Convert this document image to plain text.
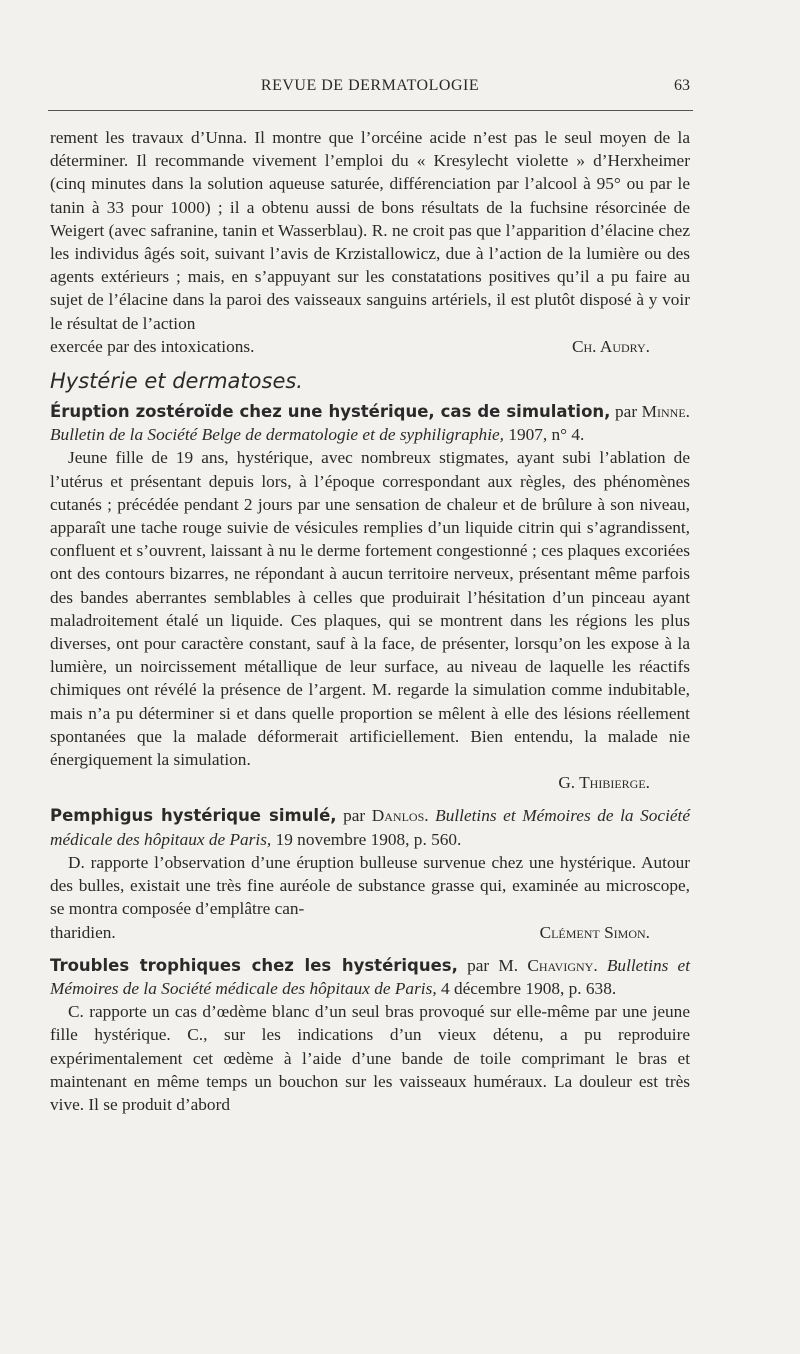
REVUE DE DERMATOLOGIE	63

rement les travaux d’Unna. Il montre que l’orcéine acide n’est pas le seul moyen de la déterminer. Il recommande vivement l’emploi du « Kresylecht violette » d’Herxheimer (cinq minutes dans la solution aqueuse saturée, différenciation par l’alcool à 95° ou par le tanin à 33 pour 1000) ; il a obtenu aussi de bons résultats de la fuchsine résorcinée de Weigert (avec safranine, tanin et Wasserblau). R. ne croit pas que l’apparition d’élacine chez les individus âgés soit, suivant l’avis de Krzistallowicz, due à l’action de la lumière ou des agents extérieurs ; mais, en s’appuyant sur les constatations positives qu’il a pu faire au sujet de l’élacine dans la paroi des vaisseaux sanguins artériels, il est plutôt disposé à y voir le résultat de l’action

exercée par des intoxications.	Ch. Audry.
Hystérie et dermatoses.

Éruption zostéroïde chez une hystérique, cas de simulation, par Minne. Bulletin de la Société Belge de dermatologie et de syphiligraphie, 1907, n° 4.

Jeune fille de 19 ans, hystérique, avec nombreux stigmates, ayant subi l’ablation de l’utérus et présentant depuis lors, à l’époque correspondant aux règles, des phénomènes cutanés ; précédée pendant 2 jours par une sensation de chaleur et de brûlure à son niveau, apparaît une tache rouge suivie de vésicules remplies d’un liquide citrin qui s’agrandissent, confluent et s’ouvrent, laissant à nu le derme fortement congestionné ; ces plaques excoriées ont des contours bizarres, ne répondant à aucun territoire nerveux, présentant même parfois des bandes aberrantes semblables à celles que produirait l’hésitation d’un pinceau ayant maladroitement étalé un liquide. Ces plaques, qui se montrent dans les régions les plus diverses, ont pour caractère constant, sauf à la face, de présenter, lorsqu’on les expose à la lumière, un noircissement métallique de leur surface, au niveau de laquelle les réactifs chimiques ont révélé la présence de l’argent. M. regarde la simulation comme indubitable, mais n’a pu déterminer si et dans quelle proportion se mêlent à elle des lésions réellement spontanées que la malade déformerait artificiellement. Bien entendu, la malade nie énergiquement la simulation.

G. Thibierge.

Pemphigus hystérique simulé, par Danlos. Bulletins et Mémoires de la Société médicale des hôpitaux de Paris, 19 novembre 1908, p. 560.

D. rapporte l’observation d’une éruption bulleuse survenue chez une hystérique. Autour des bulles, existait une très fine auréole de substance grasse qui, examinée au microscope, se montra composée d’emplâtre can-

tharidien.	Clément Simon.

Troubles trophiques chez les hystériques, par M. Chavigny. Bulletins et Mémoires de la Société médicale des hôpitaux de Paris, 4 décembre 1908, p. 638.

C. rapporte un cas d’œdème blanc d’un seul bras provoqué sur elle-même par une jeune fille hystérique. C., sur les indications d’un vieux détenu, a pu reproduire expérimentalement cet œdème à l’aide d’une bande de toile comprimant le bras et maintenant en même temps un bouchon sur les vaisseaux huméraux. La douleur est très vive. Il se produit d’abord
